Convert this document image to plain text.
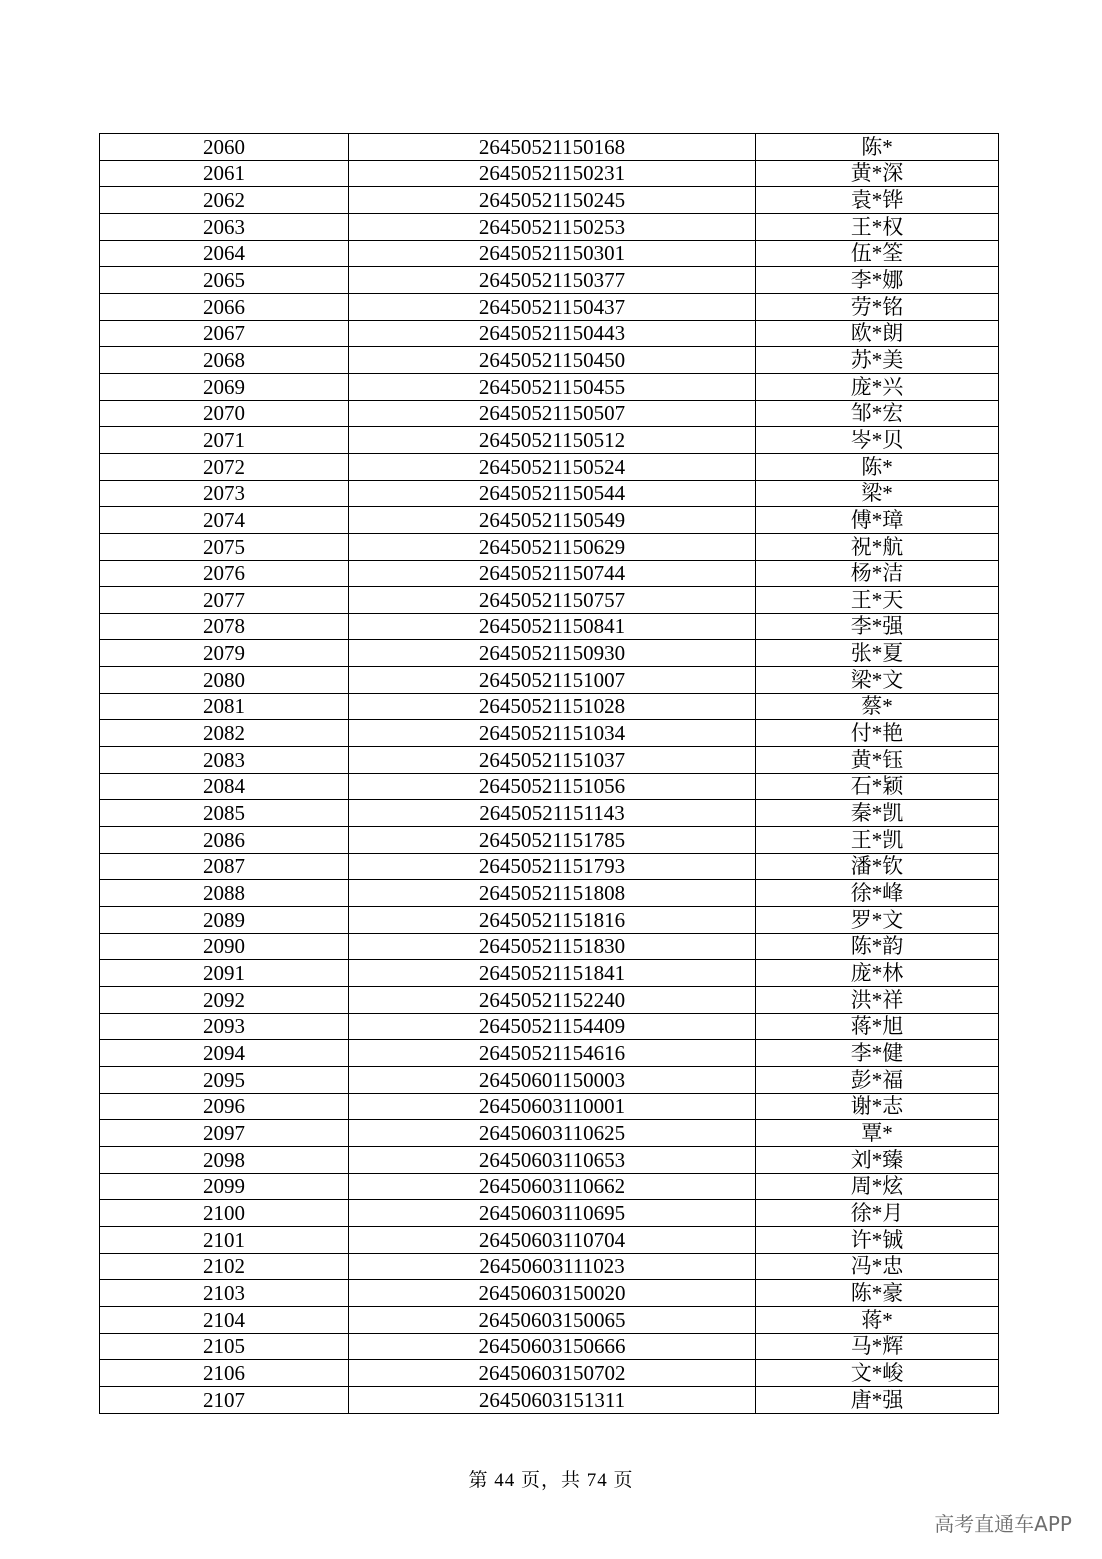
2060	26450521150168	陈*
2061	26450521150231	黄*深
2062	26450521150245	袁*铧
2063	26450521150253	王*权
2064	26450521150301	伍*筌
2065	26450521150377	李*娜
2066	26450521150437	劳*铭
2067	26450521150443	欧*朗
2068	26450521150450	苏*美
2069	26450521150455	庞*兴
2070	26450521150507	邹*宏
2071	26450521150512	岑*贝
2072	26450521150524	陈*
2073	26450521150544	梁*
2074	26450521150549	傅*璋
2075	26450521150629	祝*航
2076	26450521150744	杨*洁
2077	26450521150757	王*天
2078	26450521150841	李*强
2079	26450521150930	张*夏
2080	26450521151007	梁*文
2081	26450521151028	蔡*
2082	26450521151034	付*艳
2083	26450521151037	黄*钰
2084	26450521151056	石*颖
2085	26450521151143	秦*凯
2086	26450521151785	王*凯
2087	26450521151793	潘*钦
2088	26450521151808	徐*峰
2089	26450521151816	罗*文
2090	26450521151830	陈*韵
2091	26450521151841	庞*林
2092	26450521152240	洪*祥
2093	26450521154409	蒋*旭
2094	26450521154616	李*健
2095	26450601150003	彭*福
2096	26450603110001	谢*志
2097	26450603110625	覃*
2098	26450603110653	刘*臻
2099	26450603110662	周*炫
2100	26450603110695	徐*月
2101	26450603110704	许*铖
2102	26450603111023	冯*忠
2103	26450603150020	陈*豪
2104	26450603150065	蒋*
2105	26450603150666	马*辉
2106	26450603150702	文*峻
2107	26450603151311	唐*强
第 44 页，共 74 页
高考直通车APP
